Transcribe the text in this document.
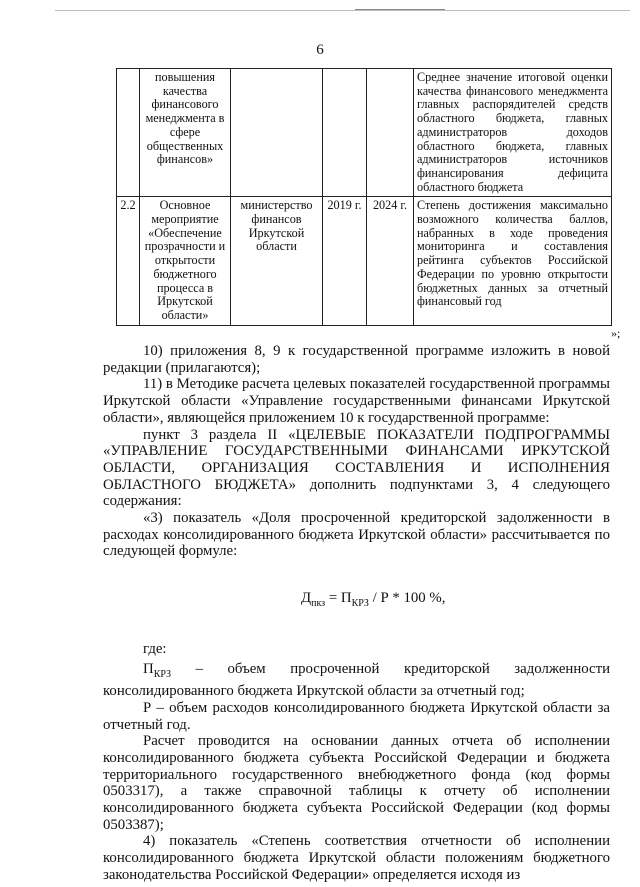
6
	повышения качества финансового менеджмента в сфере общественных финансов»				Среднее значение итоговой оценки качества финансового менеджмента главных распорядителей средств областного бюджета, главных администраторов доходов областного бюджета, главных администраторов источников финансирования дефицита областного бюджета
2.2	Основное мероприятие «Обеспечение прозрачности и открытости бюджетного процесса в Иркутской области»	министерство финансов Иркутской области	2019 г.	2024 г.	Степень достижения максимально возможного количества баллов, набранных в ходе проведения мониторинга и составления рейтинга субъектов Российской Федерации по уровню открытости бюджетных данных за отчетный финансовый год
»;

10) приложения 8, 9 к государственной программе изложить в новой редакции (прилагаются);

11) в Методике расчета целевых показателей государственной программы Иркутской области «Управление государственными финансами Иркутской области», являющейся приложением 10 к государственной программе:

пункт 3 раздела II «ЦЕЛЕВЫЕ ПОКАЗАТЕЛИ ПОДПРОГРАММЫ «УПРАВЛЕНИЕ ГОСУДАРСТВЕННЫМИ ФИНАНСАМИ ИРКУТСКОЙ ОБЛАСТИ, ОРГАНИЗАЦИЯ СОСТАВЛЕНИЯ И ИСПОЛНЕНИЯ ОБЛАСТНОГО БЮДЖЕТА» дополнить подпунктами 3, 4 следующего содержания:

«3) показатель «Доля просроченной кредиторской задолженности в расходах консолидированного бюджета Иркутской области» рассчитывается по следующей формуле:

$Д_{пкз} = П_{КРЗ} / Р * 100$ %,

где:

$П_{КРЗ}$ – объем просроченной кредиторской задолженности консолидированного бюджета Иркутской области за отчетный год;

Р – объем расходов консолидированного бюджета Иркутской области за отчетный год.

Расчет проводится на основании данных отчета об исполнении консолидированного бюджета субъекта Российской Федерации и бюджета территориального государственного внебюджетного фонда (код формы 0503317), а также справочной таблицы к отчету об исполнении консолидированного бюджета субъекта Российской Федерации (код формы 0503387);

4) показатель «Степень соответствия отчетности об исполнении консолидированного бюджета Иркутской области положениям бюджетного законодательства Российской Федерации» определяется исходя из
